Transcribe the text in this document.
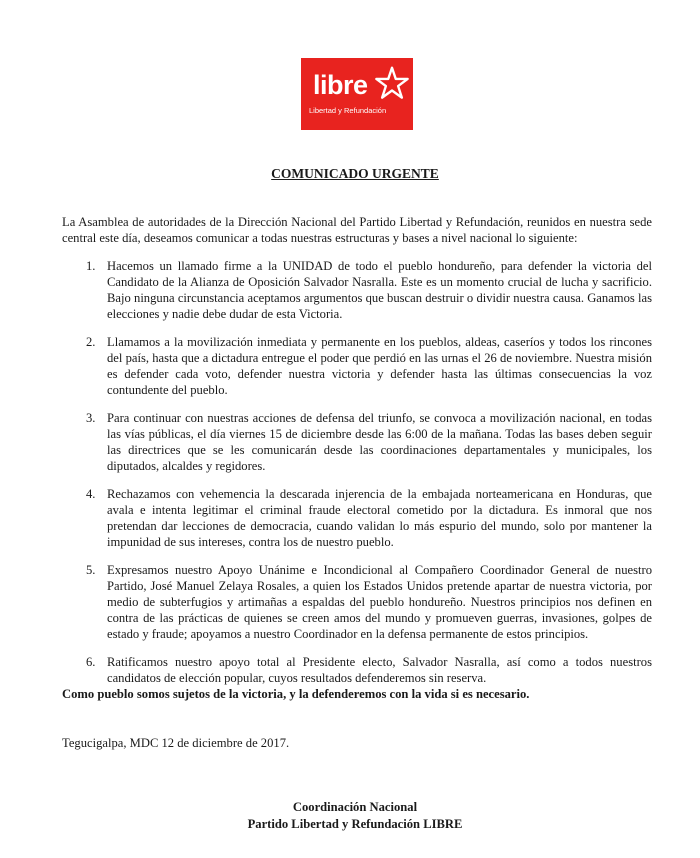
libre
Libertad y Refundación
COMUNICADO URGENTE
La Asamblea de autoridades de la Dirección Nacional del Partido Libertad y Refundación, reunidos en nuestra sede central este día, deseamos comunicar a todas nuestras estructuras y bases a nivel nacional lo siguiente:
1. Hacemos un llamado firme a la UNIDAD de todo el pueblo hondureño, para defender la victoria del Candidato de la Alianza de Oposición Salvador Nasralla. Este es un momento crucial de lucha y sacrificio. Bajo ninguna circunstancia aceptamos argumentos que buscan destruir o dividir nuestra causa. Ganamos las elecciones y nadie debe dudar de esta Victoria.
2. Llamamos a la movilización inmediata y permanente en los pueblos, aldeas, caseríos y todos los rincones del país, hasta que a dictadura entregue el poder que perdió en las urnas el 26 de noviembre. Nuestra misión es defender cada voto, defender nuestra victoria y defender hasta las últimas consecuencias la voz contundente del pueblo.
3. Para continuar con nuestras acciones de defensa del triunfo, se convoca a movilización nacional, en todas las vías públicas, el día viernes 15 de diciembre desde las 6:00 de la mañana. Todas las bases deben seguir las directrices que se les comunicarán desde las coordinaciones departamentales y municipales, los diputados, alcaldes y regidores.
4. Rechazamos con vehemencia la descarada injerencia de la embajada norteamericana en Honduras, que avala e intenta legitimar el criminal fraude electoral cometido por la dictadura. Es inmoral que nos pretendan dar lecciones de democracia, cuando validan lo más espurio del mundo, solo por mantener la impunidad de sus intereses, contra los de nuestro pueblo.
5. Expresamos nuestro Apoyo Unánime e Incondicional al Compañero Coordinador General de nuestro Partido, José Manuel Zelaya Rosales, a quien los Estados Unidos pretende apartar de nuestra victoria, por medio de subterfugios y artimañas a espaldas del pueblo hondureño. Nuestros principios nos definen en contra de las prácticas de quienes se creen amos del mundo y promueven guerras, invasiones, golpes de estado y fraude; apoyamos a nuestro Coordinador en la defensa permanente de estos principios.
6. Ratificamos nuestro apoyo total al Presidente electo, Salvador Nasralla, así como a todos nuestros candidatos de elección popular, cuyos resultados defenderemos sin reserva.
Como pueblo somos sujetos de la victoria, y la defenderemos con la vida si es necesario.
Tegucigalpa, MDC 12 de diciembre de 2017.
Coordinación Nacional
Partido Libertad y Refundación LIBRE
